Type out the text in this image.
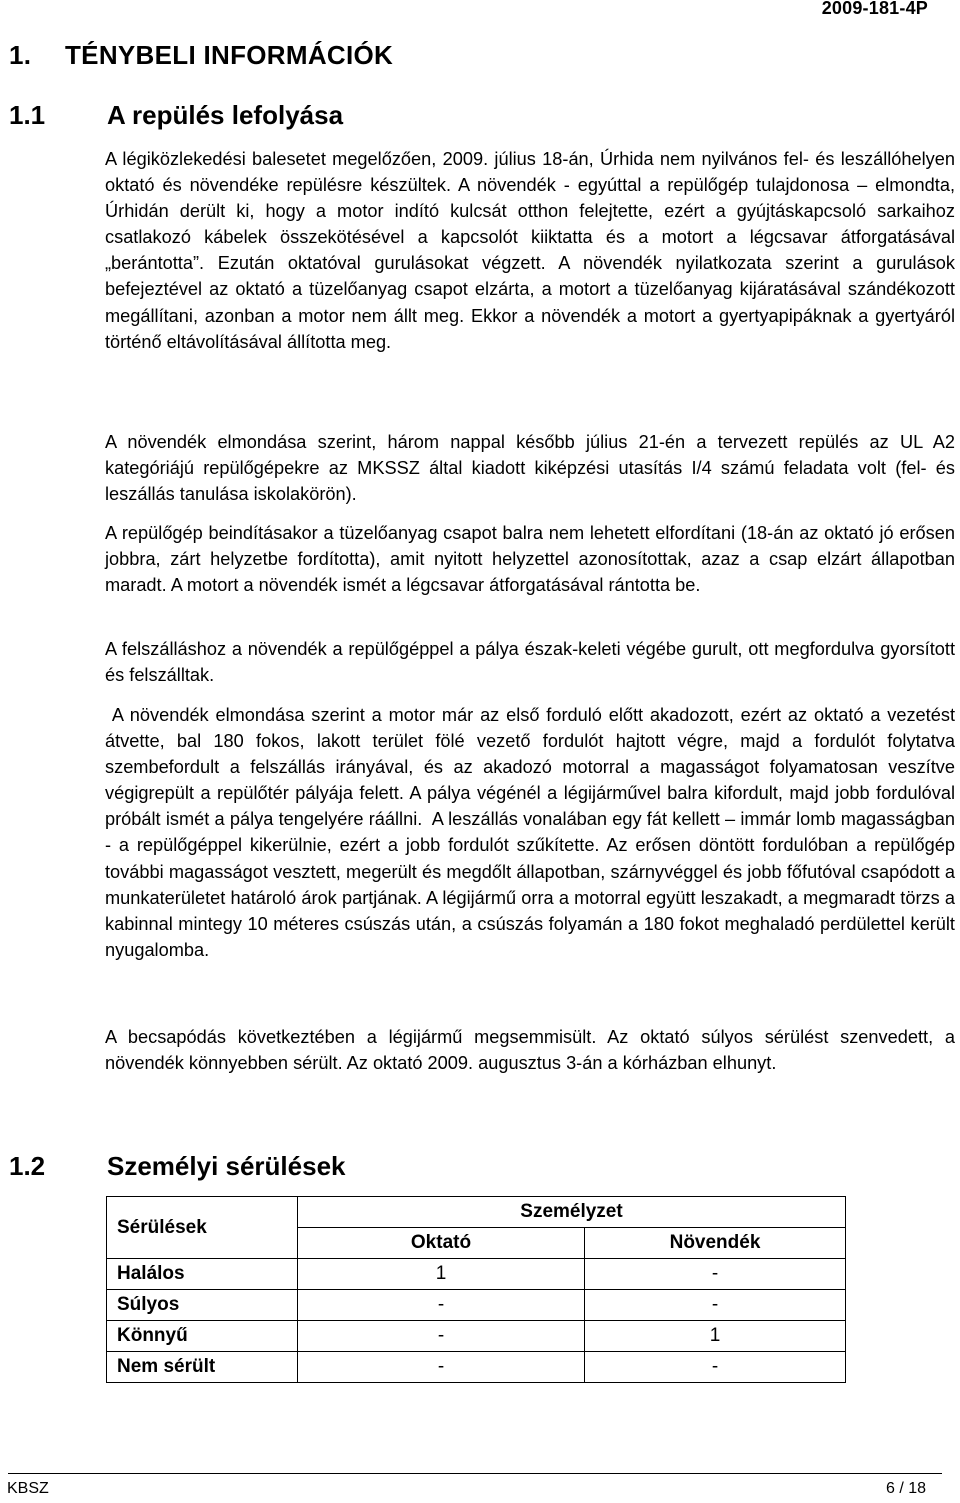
2009-181-4P
1. TÉNYBELI INFORMÁCIÓK
1.1 A repülés lefolyása

A légiközlekedési balesetet megelőzően, 2009. július 18-án, Úrhida nem nyilvános fel- és leszállóhelyen oktató és növendéke repülésre készültek. A növendék - egyúttal a repülőgép tulajdonosa ‒ elmondta, Úrhidán derült ki, hogy a motor indító kulcsát otthon felejtette, ezért a gyújtáskapcsoló sarkaihoz csatlakozó kábelek összekötésével a kapcsolót kiiktatta és a motort a légcsavar átforgatásával „berántotta”. Ezután oktatóval gurulásokat végzett. A növendék nyilatkozata szerint a gurulások befejeztével az oktató a tüzelőanyag csapot elzárta, a motort a tüzelőanyag kijáratásával szándékozott megállítani, azonban a motor nem állt meg. Ekkor a növendék a motort a gyertyapipáknak a gyertyáról történő eltávolításával állította meg.

A növendék elmondása szerint, három nappal később július 21-én a tervezett repülés az UL A2 kategóriájú repülőgépekre az MKSSZ által kiadott kiképzési utasítás I/4 számú feladata volt (fel- és leszállás tanulása iskolakörön).

A repülőgép beindításakor a tüzelőanyag csapot balra nem lehetett elfordítani (18-án az oktató jó erősen jobbra, zárt helyzetbe fordította), amit nyitott helyzettel azonosítottak, azaz a csap elzárt állapotban maradt. A motort a növendék ismét a légcsavar átforgatásával rántotta be.

A felszálláshoz a növendék a repülőgéppel a pálya észak-keleti végébe gurult, ott megfordulva gyorsított és felszálltak.

A növendék elmondása szerint a motor már az első forduló előtt akadozott, ezért az oktató a vezetést átvette, bal 180 fokos, lakott terület fölé vezető fordulót hajtott végre, majd a fordulót folytatva szembefordult a felszállás irányával, és az akadozó motorral a magasságot folyamatosan veszítve végigrepült a repülőtér pályája felett. A pálya végénél a légijárművel balra kifordult, majd jobb fordulóval próbált ismét a pálya tengelyére ráállni.  A leszállás vonalában egy fát kellett ‒ immár lomb magasságban - a repülőgéppel kikerülnie, ezért a jobb fordulót szűkítette. Az erősen döntött fordulóban a repülőgép további magasságot vesztett, megerült és megdőlt állapotban, szárnyvéggel és jobb főfutóval csapódott a munkaterületet határoló árok partjának. A légijármű orra a motorral együtt leszakadt, a megmaradt törzs a kabinnal mintegy 10 méteres csúszás után, a csúszás folyamán a 180 fokot meghaladó perdülettel került nyugalomba.

A becsapódás következtében a légijármű megsemmisült. Az oktató súlyos sérülést szenvedett, a növendék könnyebben sérült. Az oktató 2009. augusztus 3-án a kórházban elhunyt.

1.2 Személyi sérülések
Sérülések	Személyzet	
	Oktató	Növendék
Halálos	1	-
Súlyos	-	-
Könnyű	-	1
Nem sérült	-	-
KBSZ	6 / 18
